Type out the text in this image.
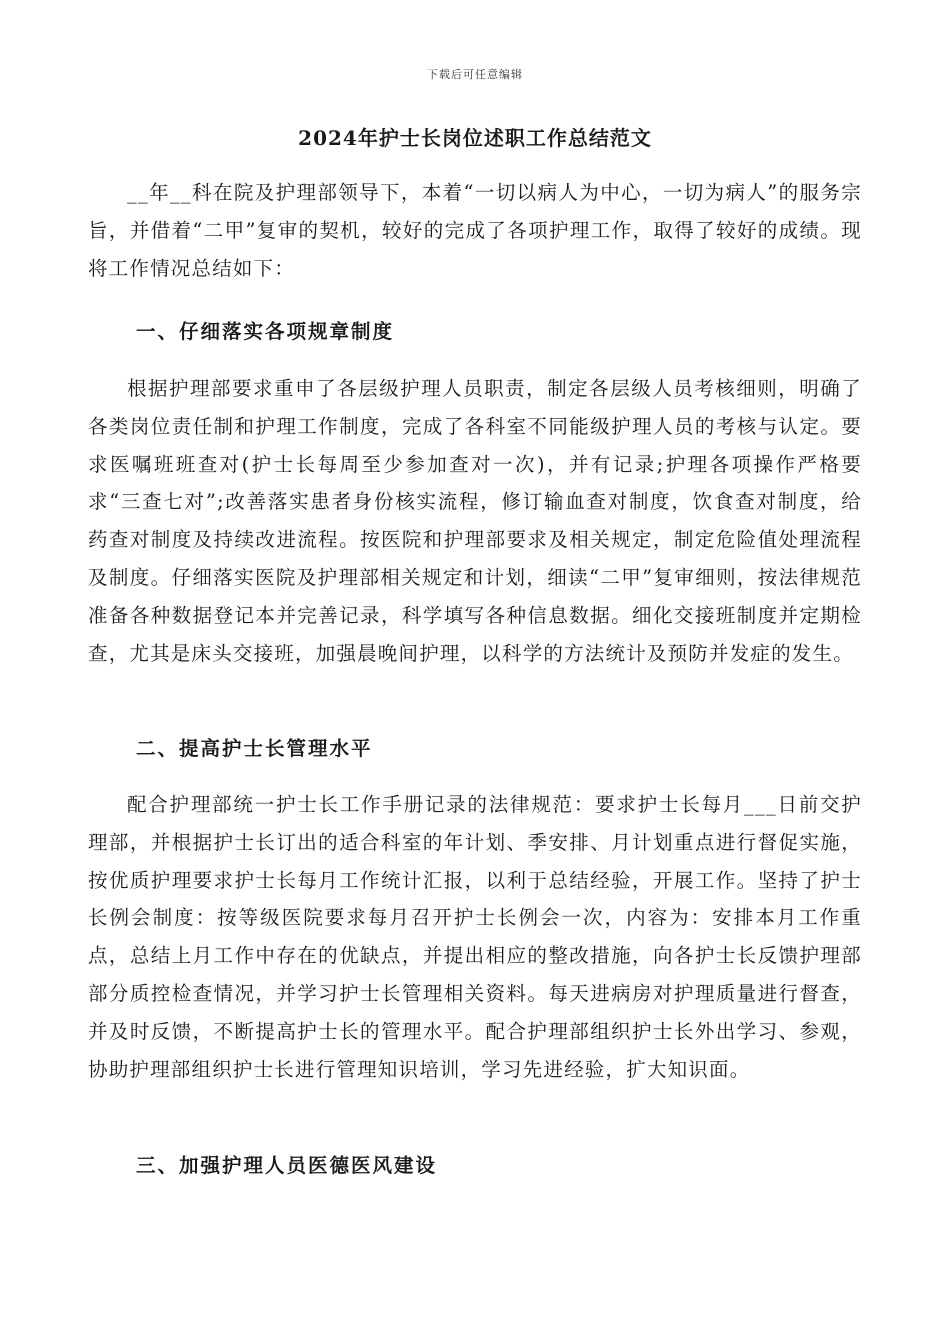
下载后可任意编辑
2024年护士长岗位述职工作总结范文

__年__科在院及护理部领导下，本着“一切以病人为中心，一切为病人”的服务宗旨，并借着“二甲”复审的契机，较好的完成了各项护理工作，取得了较好的成绩。现将工作情况总结如下：

一、仔细落实各项规章制度

根据护理部要求重申了各层级护理人员职责，制定各层级人员考核细则，明确了各类岗位责任制和护理工作制度，完成了各科室不同能级护理人员的考核与认定。要求医嘱班班查对(护士长每周至少参加查对一次)，并有记录;护理各项操作严格要求“三查七对”;改善落实患者身份核实流程，修订输血查对制度，饮食查对制度，给药查对制度及持续改进流程。按医院和护理部要求及相关规定，制定危险值处理流程及制度。仔细落实医院及护理部相关规定和计划，细读“二甲”复审细则，按法律规范准备各种数据登记本并完善记录，科学填写各种信息数据。细化交接班制度并定期检查，尤其是床头交接班，加强晨晚间护理，以科学的方法统计及预防并发症的发生。

二、提高护士长管理水平

配合护理部统一护士长工作手册记录的法律规范：要求护士长每月___日前交护理部，并根据护士长订出的适合科室的年计划、季安排、月计划重点进行督促实施，按优质护理要求护士长每月工作统计汇报，以利于总结经验，开展工作。坚持了护士长例会制度：按等级医院要求每月召开护士长例会一次，内容为：安排本月工作重点，总结上月工作中存在的优缺点，并提出相应的整改措施，向各护士长反馈护理部部分质控检查情况，并学习护士长管理相关资料。每天进病房对护理质量进行督查，并及时反馈，不断提高护士长的管理水平。配合护理部组织护士长外出学习、参观，协助护理部组织护士长进行管理知识培训，学习先进经验，扩大知识面。

三、加强护理人员医德医风建设
